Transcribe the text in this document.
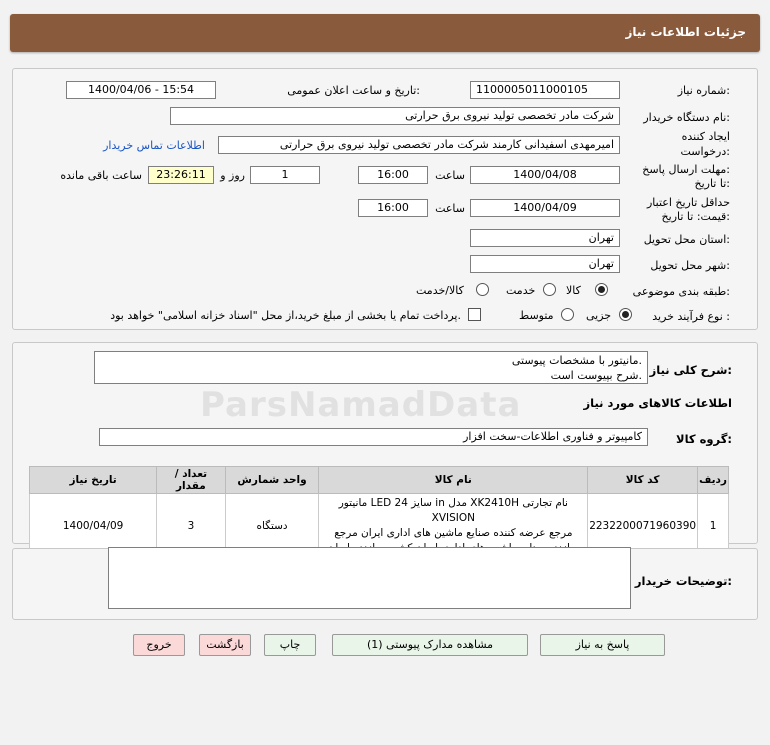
جزئیات اطلاعات نیاز
شماره نیاز:
1100005011000105
تاریخ و ساعت اعلان عمومی:
1400/04/06 - 15:54
نام دستگاه خریدار:
شرکت مادر تخصصی تولید نیروی برق حرارتی
ایجاد کننده
درخواست:
امیرمهدی اسفیدانی کارمند شرکت مادر تخصصی تولید نیروی برق حرارتی
اطلاعات تماس خریدار
مهلت ارسال پاسخ:
تا تاریخ:
1400/04/08
ساعت
16:00
1
روز و
23:26:11
ساعت باقی مانده
حداقل تاریخ اعتبار
قیمت: تا تاریخ:
1400/04/09
ساعت
16:00
استان محل تحویل:
تهران
شهر محل تحویل:
تهران
طبقه بندی موضوعی:
کالا
خدمت
کالا/خدمت
نوع فرآیند خرید :
جزیی
متوسط
پرداخت تمام یا بخشی از مبلغ خرید،از محل "اسناد خزانه اسلامی" خواهد بود.
شرح کلی نیاز:
مانیتور با مشخصات پیوستی.
شرح بپیوست است.
ParsNamadData	اطلاعات کالاهای مورد نیاز
گروه کالا:
کامپیوتر و فناوری اطلاعات-سخت افزار
تاریخ نیاز	تعداد / مقدار	واحد شمارش	نام کالا	کد کالا	ردیف
1400/04/09	3	دستگاه	مانیتور LED سایز 24 in مدل XK2410H نام تجارتی XVISION
مرجع عرضه کننده صنایع ماشین های اداری ایران مرجع	2232200071960390	1
توضیحات خریدار:
پاسخ به نیاز
مشاهده مدارک پیوستی (1)
چاپ
بازگشت
خروج
